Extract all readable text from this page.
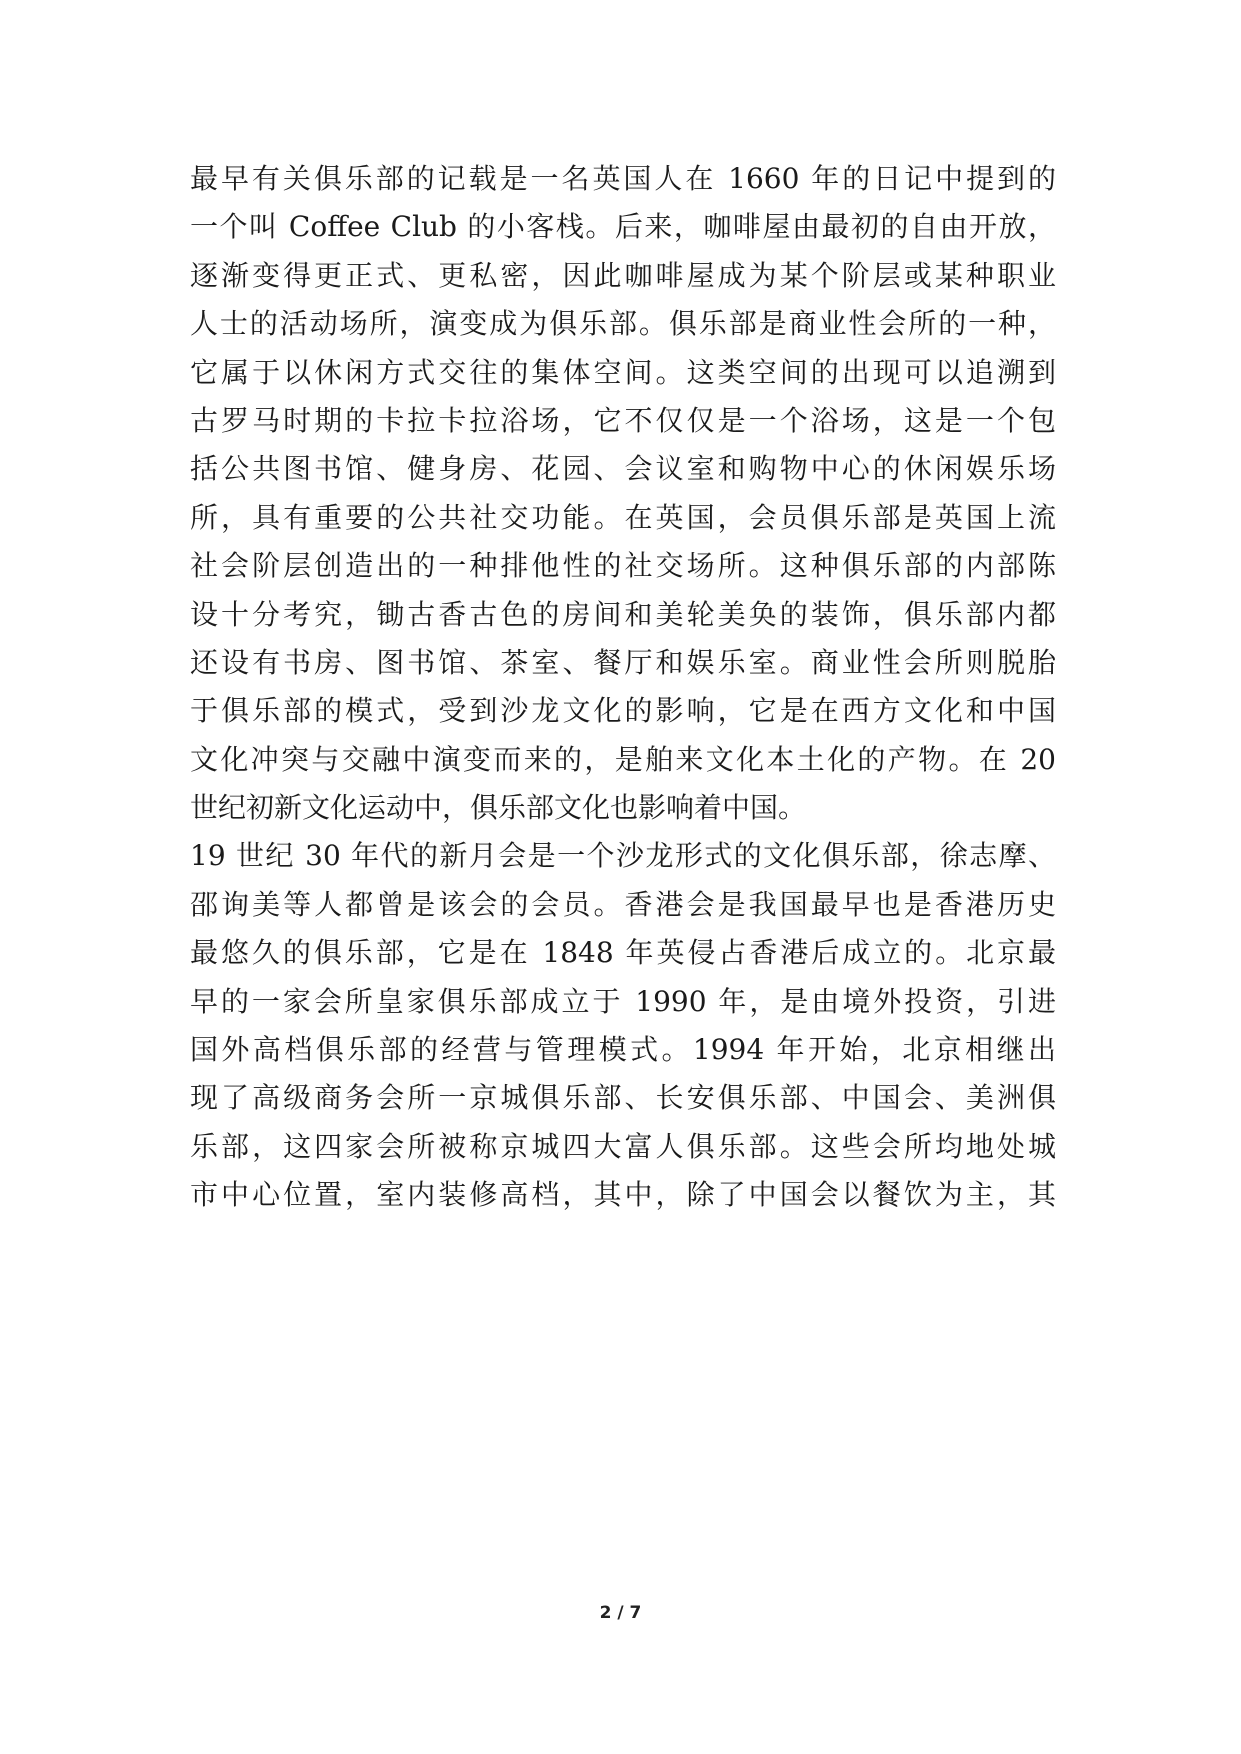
最早有关俱乐部的记载是一名英国人在 1660 年的日记中提到的
一个叫 Coffee Club 的小客栈。后来，咖啡屋由最初的自由开放，
逐渐变得更正式、更私密，因此咖啡屋成为某个阶层或某种职业
人士的活动场所，演变成为俱乐部。俱乐部是商业性会所的一种，
它属于以休闲方式交往的集体空间。这类空间的出现可以追溯到
古罗马时期的卡拉卡拉浴场，它不仅仅是一个浴场，这是一个包
括公共图书馆、健身房、花园、会议室和购物中心的休闲娱乐场
所，具有重要的公共社交功能。在英国，会员俱乐部是英国上流
社会阶层创造出的一种排他性的社交场所。这种俱乐部的内部陈
设十分考究，锄古香古色的房间和美轮美奂的装饰，俱乐部内都
还设有书房、图书馆、茶室、餐厅和娱乐室。商业性会所则脱胎
于俱乐部的模式，受到沙龙文化的影响，它是在西方文化和中国
文化冲突与交融中演变而来的，是舶来文化本土化的产物。在 20
世纪初新文化运动中，俱乐部文化也影响着中国。
19 世纪 30 年代的新月会是一个沙龙形式的文化俱乐部，徐志摩、
邵询美等人都曾是该会的会员。香港会是我国最早也是香港历史
最悠久的俱乐部，它是在 1848 年英侵占香港后成立的。北京最
早的一家会所皇家俱乐部成立于 1990 年，是由境外投资，引进
国外高档俱乐部的经营与管理模式。1994 年开始，北京相继出
现了高级商务会所一京城俱乐部、长安俱乐部、中国会、美洲俱
乐部，这四家会所被称京城四大富人俱乐部。这些会所均地处城
市中心位置，室内装修高档，其中，除了中国会以餐饮为主，其
2 / 7
